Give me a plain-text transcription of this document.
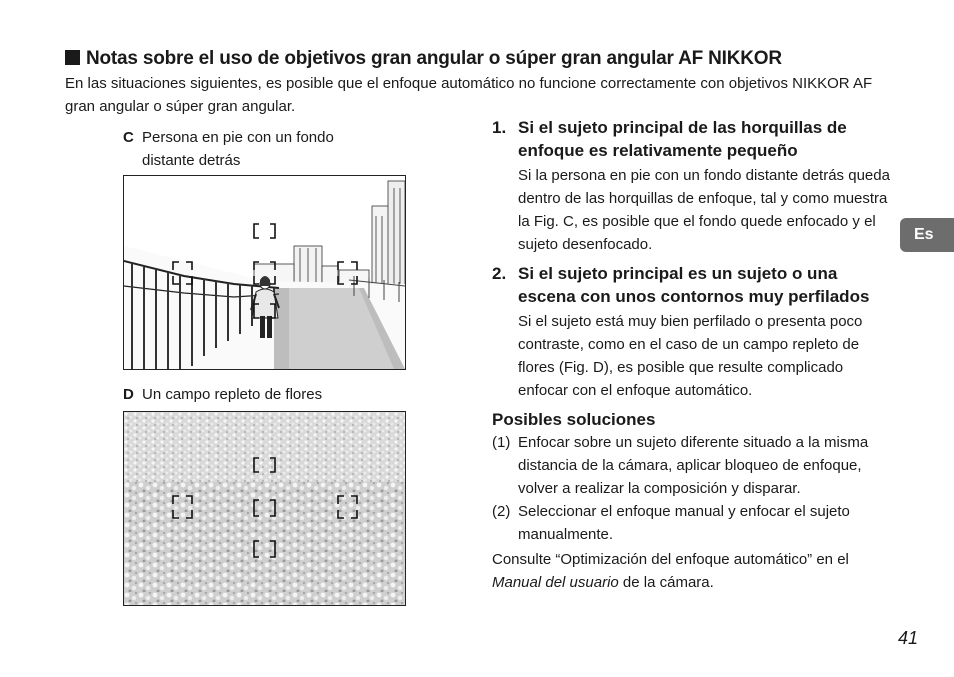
Notas sobre el uso de objetivos gran angular o súper gran angular AF NIKKOR

En las situaciones siguientes, es posible que el enfoque automático no funcione correctamente con objetivos NIKKOR AF gran angular o súper gran angular.

C Persona en pie con un fondo distante detrás
D Un campo repleto de flores
1. Si el sujeto principal de las horquillas de enfoque es relativamente pequeño

Si la persona en pie con un fondo distante detrás queda dentro de las horquillas de enfoque, tal y como muestra la Fig. C, es posible que el fondo quede enfocado y el sujeto desenfocado.

2. Si el sujeto principal es un sujeto o una escena con unos contornos muy perfilados

Si el sujeto está muy bien perfilado o presenta poco contraste, como en el caso de un campo repleto de flores (Fig. D), es posible que resulte complicado enfocar con el enfoque automático.

Posibles soluciones
(1) Enfocar sobre un sujeto diferente situado a la misma distancia de la cámara, aplicar bloqueo de enfoque, volver a realizar la composición y disparar.
(2) Seleccionar el enfoque manual y enfocar el sujeto manualmente.

Consulte “Optimización del enfoque automático” en el Manual del usuario de la cámara.

Es
41
